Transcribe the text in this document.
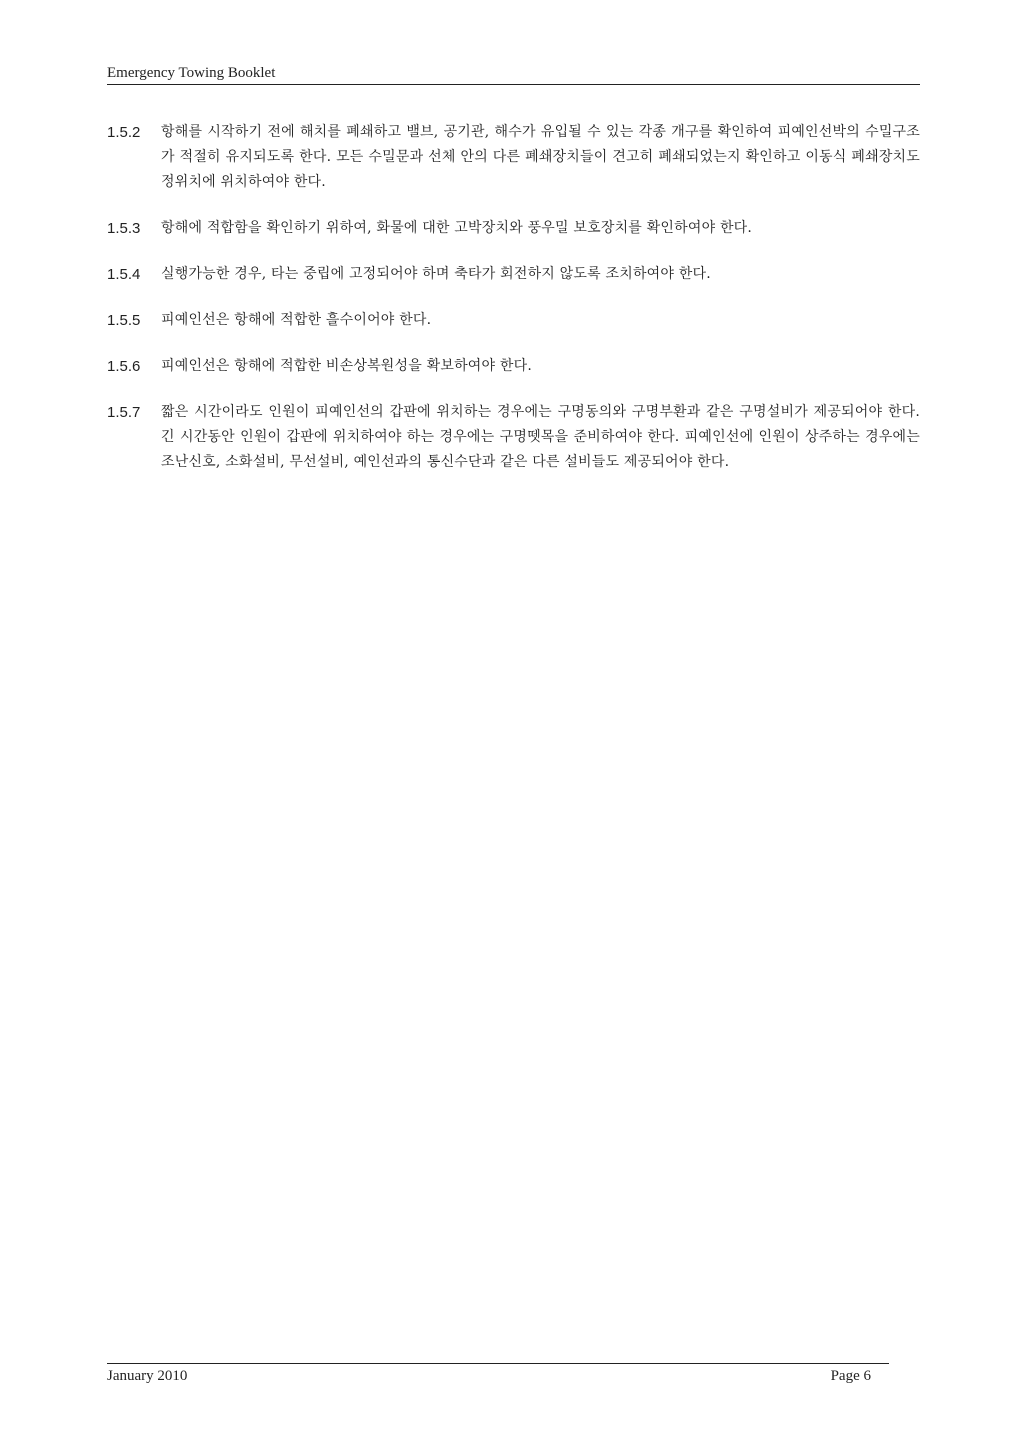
Emergency Towing Booklet
1.5.2	항해를 시작하기 전에 해치를 폐쇄하고 밸브, 공기관, 해수가 유입될 수 있는 각종 개구를 확인하여 피예인선박의 수밀구조가 적절히 유지되도록 한다. 모든 수밀문과 선체 안의 다른 폐쇄장치들이 견고히 폐쇄되었는지 확인하고 이동식 폐쇄장치도 정위치에 위치하여야 한다.
1.5.3	항해에 적합함을 확인하기 위하여, 화물에 대한 고박장치와 풍우밀 보호장치를 확인하여야 한다.
1.5.4	실행가능한 경우, 타는 중립에 고정되어야 하며 축타가 회전하지 않도록 조치하여야 한다.
1.5.5	피예인선은 항해에 적합한 흘수이어야 한다.
1.5.6	피예인선은 항해에 적합한 비손상복원성을 확보하여야 한다.
1.5.7	짧은 시간이라도 인원이 피예인선의 갑판에 위치하는 경우에는 구명동의와 구명부환과 같은 구명설비가 제공되어야 한다. 긴 시간동안 인원이 갑판에 위치하여야 하는 경우에는 구명뗏목을 준비하여야 한다. 피예인선에 인원이 상주하는 경우에는 조난신호, 소화설비, 무선설비, 예인선과의 통신수단과 같은 다른 설비들도 제공되어야 한다.
January 2010	Page 6
